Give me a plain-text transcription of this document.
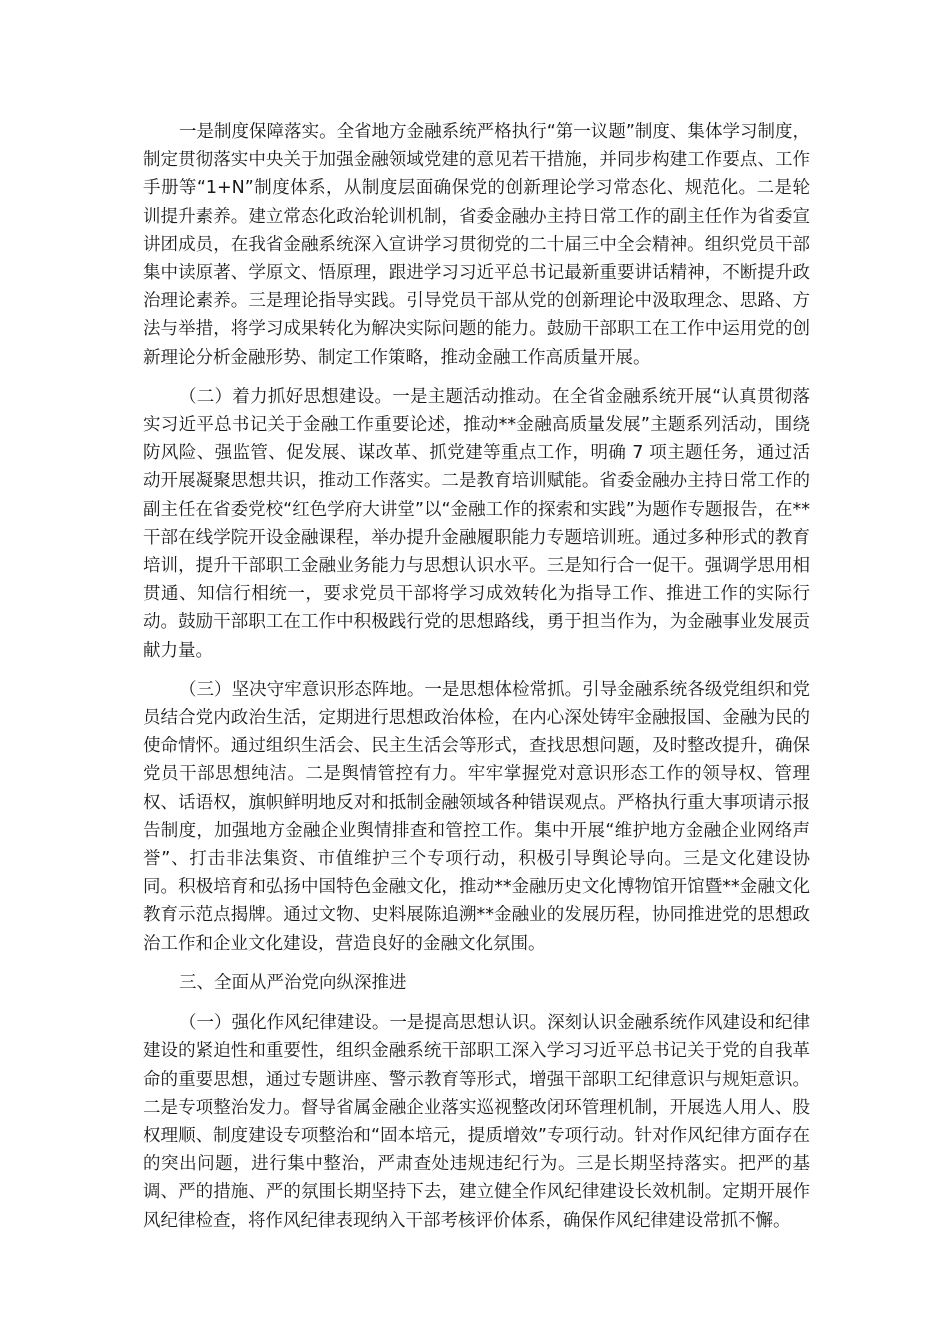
一是制度保障落实。全省地方金融系统严格执行“第一议题”制度、集体学习制度，制定贯彻落实中央关于加强金融领域党建的意见若干措施，并同步构建工作要点、工作手册等“1+N”制度体系，从制度层面确保党的创新理论学习常态化、规范化。二是轮训提升素养。建立常态化政治轮训机制，省委金融办主持日常工作的副主任作为省委宣讲团成员，在我省金融系统深入宣讲学习贯彻党的二十届三中全会精神。组织党员干部集中读原著、学原文、悟原理，跟进学习习近平总书记最新重要讲话精神，不断提升政治理论素养。三是理论指导实践。引导党员干部从党的创新理论中汲取理念、思路、方法与举措，将学习成果转化为解决实际问题的能力。鼓励干部职工在工作中运用党的创新理论分析金融形势、制定工作策略，推动金融工作高质量开展。

（二）着力抓好思想建设。一是主题活动推动。在全省金融系统开展“认真贯彻落实习近平总书记关于金融工作重要论述，推动**金融高质量发展”主题系列活动，围绕防风险、强监管、促发展、谋改革、抓党建等重点工作，明确 7 项主题任务，通过活动开展凝聚思想共识，推动工作落实。二是教育培训赋能。省委金融办主持日常工作的副主任在省委党校“红色学府大讲堂”以“金融工作的探索和实践”为题作专题报告，在**干部在线学院开设金融课程，举办提升金融履职能力专题培训班。通过多种形式的教育培训，提升干部职工金融业务能力与思想认识水平。三是知行合一促干。强调学思用相贯通、知信行相统一，要求党员干部将学习成效转化为指导工作、推进工作的实际行动。鼓励干部职工在工作中积极践行党的思想路线，勇于担当作为，为金融事业发展贡献力量。

（三）坚决守牢意识形态阵地。一是思想体检常抓。引导金融系统各级党组织和党员结合党内政治生活，定期进行思想政治体检，在内心深处铸牢金融报国、金融为民的使命情怀。通过组织生活会、民主生活会等形式，查找思想问题，及时整改提升，确保党员干部思想纯洁。二是舆情管控有力。牢牢掌握党对意识形态工作的领导权、管理权、话语权，旗帜鲜明地反对和抵制金融领域各种错误观点。严格执行重大事项请示报告制度，加强地方金融企业舆情排查和管控工作。集中开展“维护地方金融企业网络声誉”、打击非法集资、市值维护三个专项行动，积极引导舆论导向。三是文化建设协同。积极培育和弘扬中国特色金融文化，推动**金融历史文化博物馆开馆暨**金融文化教育示范点揭牌。通过文物、史料展陈追溯**金融业的发展历程，协同推进党的思想政治工作和企业文化建设，营造良好的金融文化氛围。

三、全面从严治党向纵深推进

（一）强化作风纪律建设。一是提高思想认识。深刻认识金融系统作风建设和纪律建设的紧迫性和重要性，组织金融系统干部职工深入学习习近平总书记关于党的自我革命的重要思想，通过专题讲座、警示教育等形式，增强干部职工纪律意识与规矩意识。二是专项整治发力。督导省属金融企业落实巡视整改闭环管理机制，开展选人用人、股权理顺、制度建设专项整治和“固本培元，提质增效”专项行动。针对作风纪律方面存在的突出问题，进行集中整治，严肃查处违规违纪行为。三是长期坚持落实。把严的基调、严的措施、严的氛围长期坚持下去，建立健全作风纪律建设长效机制。定期开展作风纪律检查，将作风纪律表现纳入干部考核评价体系，确保作风纪律建设常抓不懈。
